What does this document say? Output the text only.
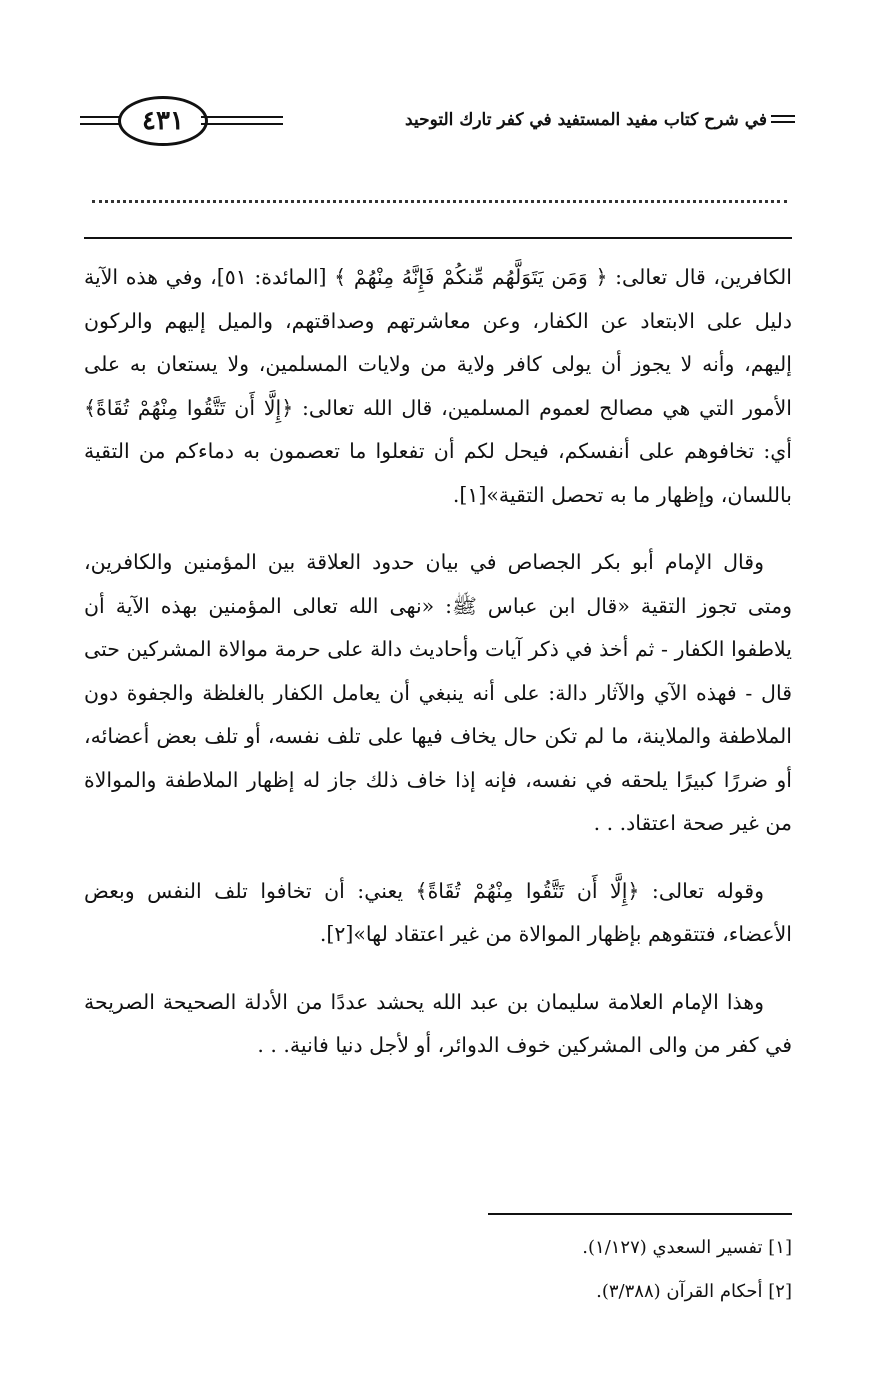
٤٣١	في شرح كتاب مفيد المستفيد في كفر تارك التوحيد

الكافرين، قال تعالى: ﴿ وَمَن يَتَوَلَّهُم مِّنكُمْ فَإِنَّهُ مِنْهُمْ ﴾ [المائدة: ٥١]، وفي هذه الآية دليل على الابتعاد عن الكفار، وعن معاشرتهم وصداقتهم، والميل إليهم والركون إليهم، وأنه لا يجوز أن يولى كافر ولاية من ولايات المسلمين، ولا يستعان به على الأمور التي هي مصالح لعموم المسلمين، قال الله تعالى: ﴿إِلَّا أَن تَتَّقُوا مِنْهُمْ تُقَاةً﴾ أي: تخافوهم على أنفسكم، فيحل لكم أن تفعلوا ما تعصمون به دماءكم من التقية باللسان، وإظهار ما به تحصل التقية»[١].

وقال الإمام أبو بكر الجصاص في بيان حدود العلاقة بين المؤمنين والكافرين، ومتى تجوز التقية «قال ابن عباس ﷺ: «نهى الله تعالى المؤمنين بهذه الآية أن يلاطفوا الكفار - ثم أخذ في ذكر آيات وأحاديث دالة على حرمة موالاة المشركين حتى قال - فهذه الآي والآثار دالة: على أنه ينبغي أن يعامل الكفار بالغلظة والجفوة دون الملاطفة والملاينة، ما لم تكن حال يخاف فيها على تلف نفسه، أو تلف بعض أعضائه، أو ضررًا كبيرًا يلحقه في نفسه، فإنه إذا خاف ذلك جاز له إظهار الملاطفة والموالاة من غير صحة اعتقاد. . .

وقوله تعالى: ﴿إِلَّا أَن تَتَّقُوا مِنْهُمْ تُقَاةً﴾ يعني: أن تخافوا تلف النفس وبعض الأعضاء، فتتقوهم بإظهار الموالاة من غير اعتقاد لها»[٢].

وهذا الإمام العلامة سليمان بن عبد الله يحشد عددًا من الأدلة الصحيحة الصريحة في كفر من والى المشركين خوف الدوائر، أو لأجل دنيا فانية. . .

[١] تفسير السعدي (١/١٢٧).
[٢] أحكام القرآن (٣/٣٨٨).
